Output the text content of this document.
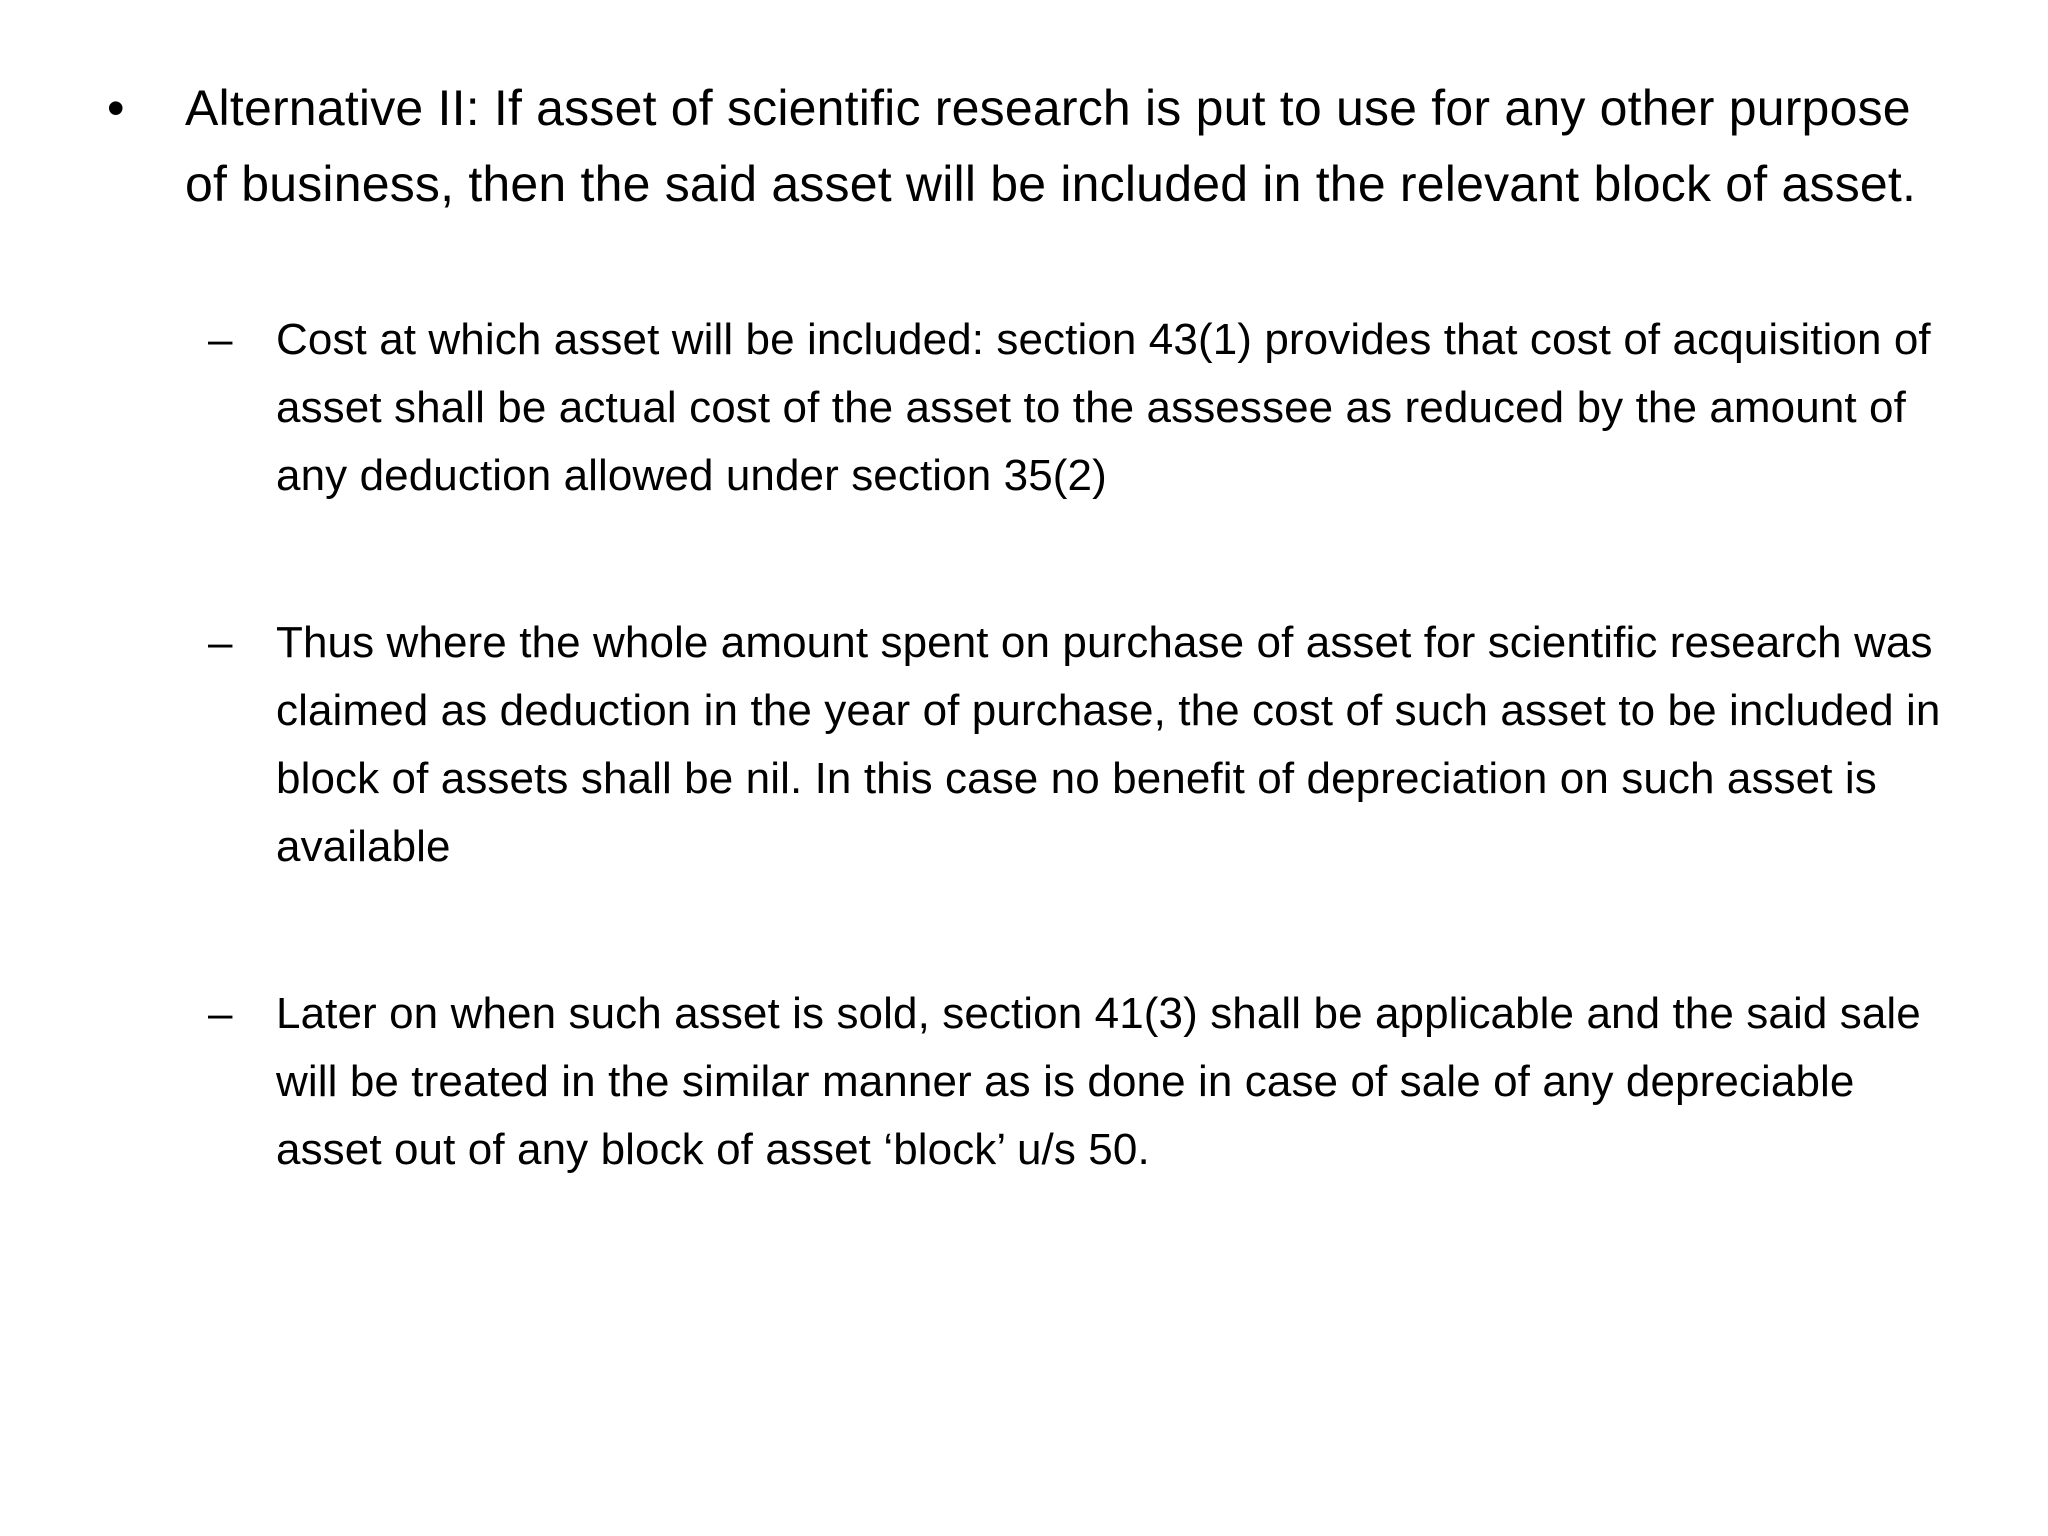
• Alternative II: If asset of scientific research is put to use for any other purpose of business, then the said asset will be included in the relevant block of asset.
– Cost at which asset will be included: section 43(1) provides that cost of acquisition of asset shall be actual cost of the asset to the assessee as reduced by the amount of any deduction allowed under section 35(2)
– Thus where the whole amount spent on purchase of asset for scientific research was claimed as deduction in the year of purchase, the cost of such asset to be included in block of assets shall be nil. In this case no benefit of depreciation on such asset is available
– Later on when such asset is sold, section 41(3) shall be applicable and the said sale will be treated in the similar manner as is done in case of sale of any depreciable asset out of any block of asset ‘block’ u/s 50.
